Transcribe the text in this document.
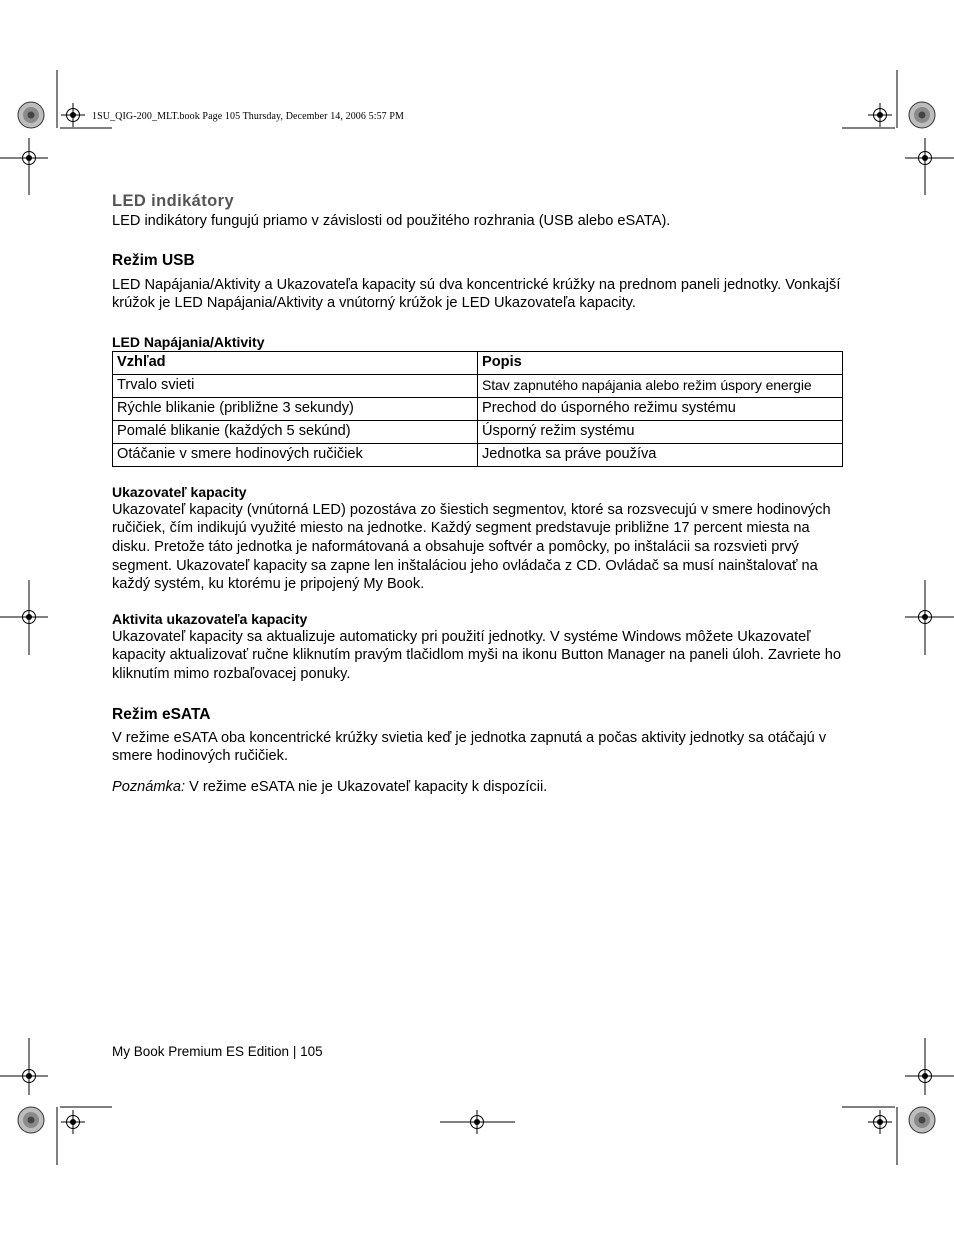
1SU_QIG-200_MLT.book Page 105 Thursday, December 14, 2006 5:57 PM
LED indikátory

LED indikátory fungujú priamo v závislosti od použitého rozhrania (USB alebo eSATA).

Režim USB

LED Napájania/Aktivity a Ukazovateľa kapacity sú dva koncentrické krúžky na prednom paneli jednotky. Vonkajší krúžok je LED Napájania/Aktivity a vnútorný krúžok je LED Ukazovateľa kapacity.

LED Napájania/Aktivity
Vzhľad	Popis
Trvalo svieti	Stav zapnutého napájania alebo režim úspory energie
Rýchle blikanie (približne 3 sekundy)	Prechod do úsporného režimu systému
Pomalé blikanie (každých 5 sekúnd)	Úsporný režim systému
Otáčanie v smere hodinových ručičiek	Jednotka sa práve používa
Ukazovateľ kapacity

Ukazovateľ kapacity (vnútorná LED) pozostáva zo šiestich segmentov, ktoré sa rozsvecujú v smere hodinových ručičiek, čím indikujú využité miesto na jednotke. Každý segment predstavuje približne 17 percent miesta na disku. Pretože táto jednotka je naformátovaná a obsahuje softvér a pomôcky, po inštalácii sa rozsvieti prvý segment. Ukazovateľ kapacity sa zapne len inštaláciou jeho ovládača z CD. Ovládač sa musí nainštalovať na každý systém, ku ktorému je pripojený My Book.

Aktivita ukazovateľa kapacity

Ukazovateľ kapacity sa aktualizuje automaticky pri použití jednotky. V systéme Windows môžete Ukazovateľ kapacity aktualizovať ručne kliknutím pravým tlačidlom myši na ikonu Button Manager na paneli úloh. Zavriete ho kliknutím mimo rozbaľovacej ponuky.

Režim eSATA

V režime eSATA oba koncentrické krúžky svietia keď je jednotka zapnutá a počas aktivity jednotky sa otáčajú v smere hodinových ručičiek.

Poznámka: V režime eSATA nie je Ukazovateľ kapacity k dispozícii.

My Book Premium ES Edition | 105
